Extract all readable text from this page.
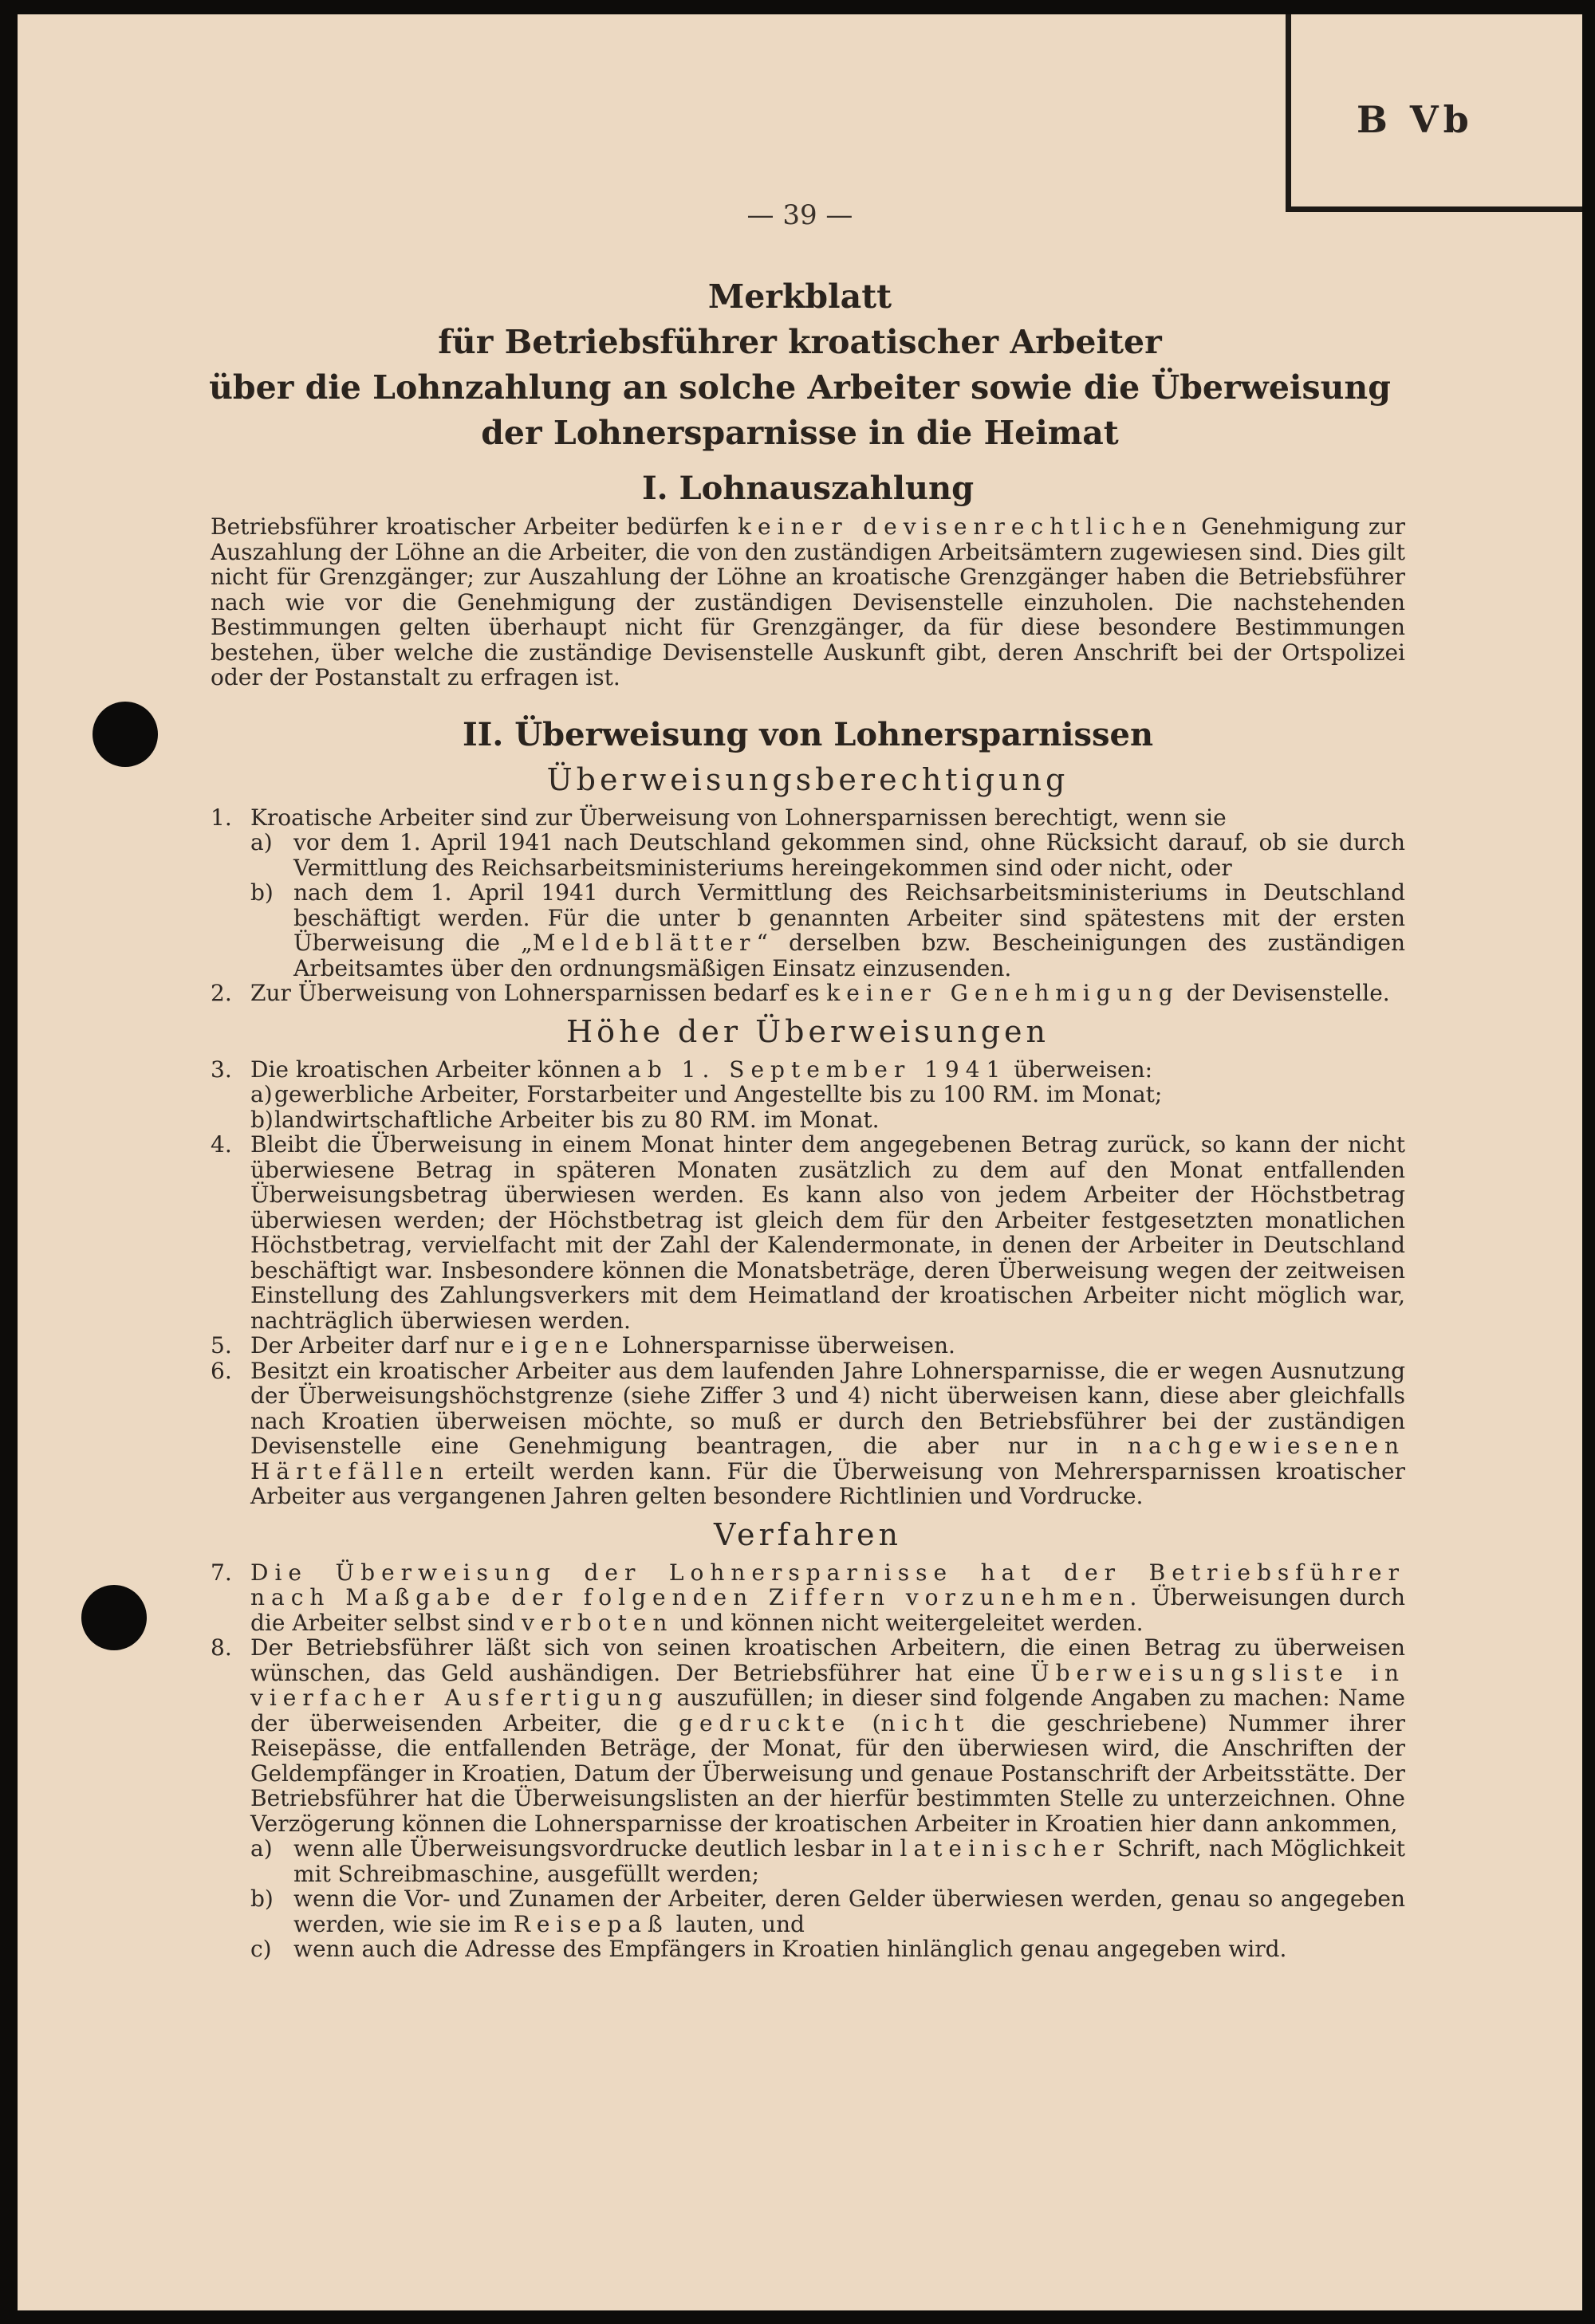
B Vb
— 39 —
Merkblatt
für Betriebsführer kroatischer Arbeiter
über die Lohnzahlung an solche Arbeiter sowie die Überweisung
der Lohnersparnisse in die Heimat
I. Lohnauszahlung

Betriebsführer kroatischer Arbeiter bedürfen keiner devisenrechtlichen Genehmigung zur Auszahlung der Löhne an die Arbeiter, die von den zuständigen Arbeitsämtern zugewiesen sind. Dies gilt nicht für Grenzgänger; zur Auszahlung der Löhne an kroatische Grenzgänger haben die Betriebsführer nach wie vor die Genehmigung der zuständigen Devisenstelle einzuholen. Die nachstehenden Bestimmungen gelten überhaupt nicht für Grenzgänger, da für diese besondere Bestimmungen bestehen, über welche die zuständige Devisenstelle Auskunft gibt, deren Anschrift bei der Ortspolizei oder der Postanstalt zu erfragen ist.

II. Überweisung von Lohnersparnissen
Überweisungsberechtigung
1. Kroatische Arbeiter sind zur Überweisung von Lohnersparnissen berechtigt, wenn sie
a) vor dem 1. April 1941 nach Deutschland gekommen sind, ohne Rücksicht darauf, ob sie durch Vermittlung des Reichsarbeitsministeriums hereingekommen sind oder nicht, oder
b) nach dem 1. April 1941 durch Vermittlung des Reichsarbeitsministeriums in Deutschland beschäftigt werden. Für die unter b genannten Arbeiter sind spätestens mit der ersten Überweisung die „Meldeblätter“ derselben bzw. Bescheinigungen des zuständigen Arbeitsamtes über den ordnungsmäßigen Einsatz einzusenden.
2. Zur Überweisung von Lohnersparnissen bedarf es keiner Genehmigung der Devisenstelle.
Höhe der Überweisungen
3. Die kroatischen Arbeiter können ab 1. September 1941 überweisen:
a) gewerbliche Arbeiter, Forstarbeiter und Angestellte bis zu 100 RM. im Monat;
b) landwirtschaftliche Arbeiter bis zu 80 RM. im Monat.
4. Bleibt die Überweisung in einem Monat hinter dem angegebenen Betrag zurück, so kann der nicht überwiesene Betrag in späteren Monaten zusätzlich zu dem auf den Monat entfallenden Überweisungsbetrag überwiesen werden. Es kann also von jedem Arbeiter der Höchstbetrag überwiesen werden; der Höchstbetrag ist gleich dem für den Arbeiter festgesetzten monatlichen Höchstbetrag, vervielfacht mit der Zahl der Kalendermonate, in denen der Arbeiter in Deutschland beschäftigt war. Insbesondere können die Monatsbeträge, deren Überweisung wegen der zeitweisen Einstellung des Zahlungsverkers mit dem Heimatland der kroatischen Arbeiter nicht möglich war, nachträglich überwiesen werden.
5. Der Arbeiter darf nur eigene Lohnersparnisse überweisen.
6. Besitzt ein kroatischer Arbeiter aus dem laufenden Jahre Lohnersparnisse, die er wegen Ausnutzung der Überweisungshöchstgrenze (siehe Ziffer 3 und 4) nicht überweisen kann, diese aber gleichfalls nach Kroatien überweisen möchte, so muß er durch den Betriebsführer bei der zuständigen Devisenstelle eine Genehmigung beantragen, die aber nur in nachgewiesenen Härtefällen erteilt werden kann. Für die Überweisung von Mehrersparnissen kroatischer Arbeiter aus vergangenen Jahren gelten besondere Richtlinien und Vordrucke.
Verfahren
7. Die Überweisung der Lohnersparnisse hat der Betriebsführer nach Maßgabe der folgenden Ziffern vorzunehmen. Überweisungen durch die Arbeiter selbst sind verboten und können nicht weitergeleitet werden.
8. Der Betriebsführer läßt sich von seinen kroatischen Arbeitern, die einen Betrag zu überweisen wünschen, das Geld aushändigen. Der Betriebsführer hat eine Überweisungsliste in vierfacher Ausfertigung auszufüllen; in dieser sind folgende Angaben zu machen: Name der überweisenden Arbeiter, die gedruckte (nicht die geschriebene) Nummer ihrer Reisepässe, die entfallenden Beträge, der Monat, für den überwiesen wird, die Anschriften der Geldempfänger in Kroatien, Datum der Überweisung und genaue Postanschrift der Arbeitsstätte. Der Betriebsführer hat die Überweisungslisten an der hierfür bestimmten Stelle zu unterzeichnen. Ohne Verzögerung können die Lohnersparnisse der kroatischen Arbeiter in Kroatien hier dann ankommen,
a) wenn alle Überweisungsvordrucke deutlich lesbar in lateinischer Schrift, nach Möglichkeit mit Schreibmaschine, ausgefüllt werden;
b) wenn die Vor- und Zunamen der Arbeiter, deren Gelder überwiesen werden, genau so angegeben werden, wie sie im Reisepaß lauten, und
c) wenn auch die Adresse des Empfängers in Kroatien hinlänglich genau angegeben wird.
